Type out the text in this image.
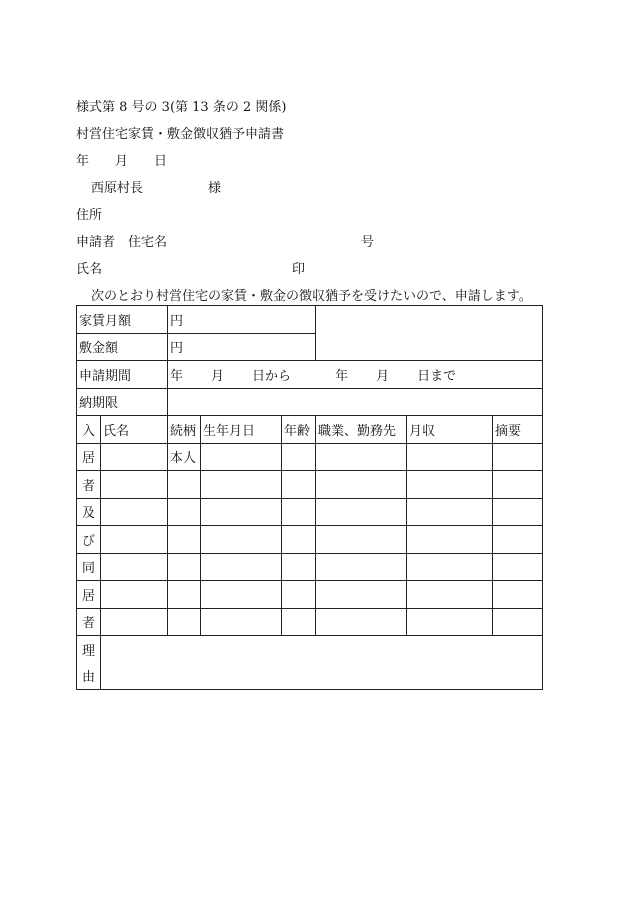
様式第 8 号の 3(第 13 条の 2 関係)
村営住宅家賃・敷金徴収猶予申請書
年　　月　　日
西原村長　　　　　様
住所
申請者　住宅名	号
氏名	印
次のとおり村営住宅の家賃・敷金の徴収猶予を受けたいので、申請します。
家賃月額		円					
敷金額		円					
申請期間		年 月 日から 年 月 日まで					
納期限							
入	氏名	続柄	生年月日	年齢	職業、勤務先	月収	摘要
居		本人					
者							
及							
び							
同							
居							
者							
理							
由							
